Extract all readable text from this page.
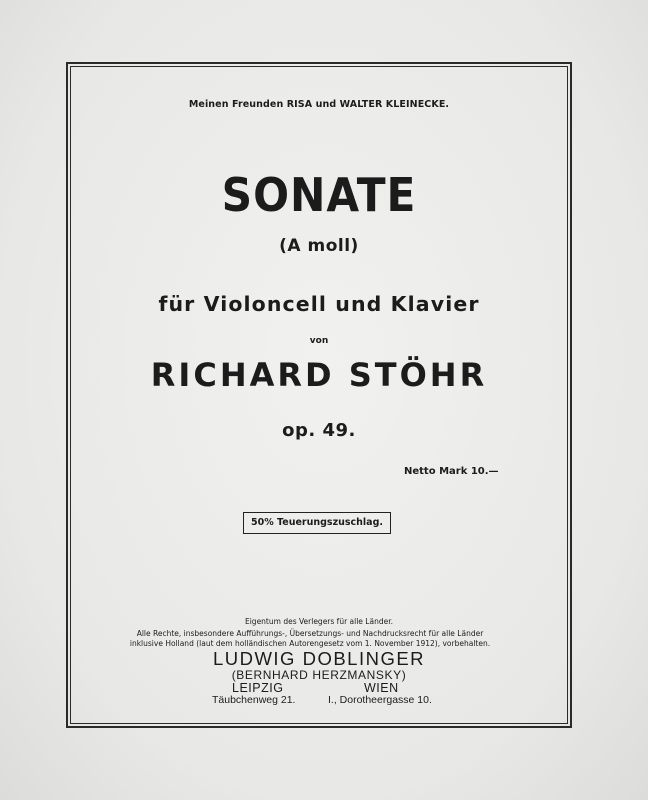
Meinen Freunden RISA und WALTER KLEINECKE.
SONATE
(A moll)
für Violoncell und Klavier
von
RICHARD STÖHR
op. 49.
Netto Mark 10.—
50% Teuerungszuschlag.
Eigentum des Verlegers für alle Länder.
Alle Rechte, insbesondere Aufführungs-, Übersetzungs- und Nachdrucksrecht für alle Länder
inklusive Holland (laut dem holländischen Autorengesetz vom 1. November 1912), vorbehalten.
LUDWIG DOBLINGER
(BERNHARD HERZMANSKY)
LEIPZIG
Täubchenweg 21.
WIEN
I., Dorotheergasse 10.
